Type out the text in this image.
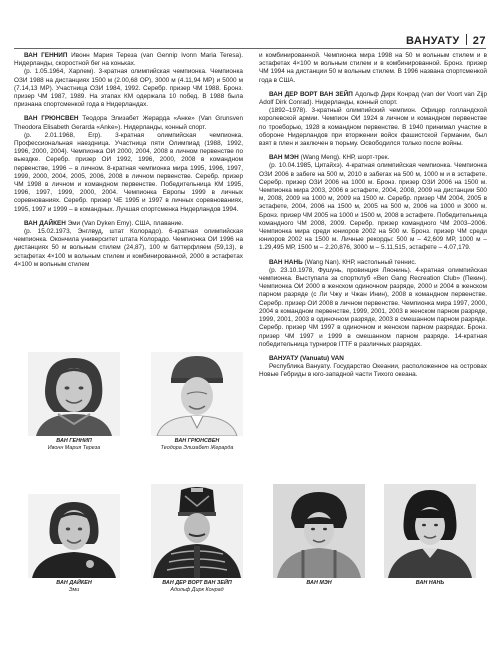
ВАНУАТУ 27

ВАН ГЕННИП Ивонн Мария Тереза (van Gennip Ivonn Maria Teresa). Нидерланды, скоростной бег на коньках.

(р. 1.05.1964, Харлем). 3-кратная олимпийская чемпионка. Чемпионка ОЗИ 1988 на дистанциях 1500 м (2.00,68 ОР), 3000 м (4.11,94 МР) и 5000 м (7.14,13 МР). Участница ОЗИ 1984, 1992. Серебр. призер ЧМ 1988. Бронз. призер ЧМ 1987, 1989. На этапах КМ одержала 10 побед. В 1988 была признана спортсменкой года в Нидерландах.

ВАН ГРЮНСВЕН Теодора Элизабет Жерардa «Анке» (Van Grunsven Theodora Elisabeth Gerarda «Anke»). Нидерланды, конный спорт.

(р. 2.01.1968, Erp). 3-кратная олимпийская чемпионка. Профессиональная наездница. Участница пяти Олимпиад (1988, 1992, 1996, 2000, 2004). Чемпионка ОИ 2000, 2004, 2008 в личном первенстве по выездке. Серебр. призер ОИ 1992, 1996, 2000, 2008 в командном первенстве, 1996 – в личном. 8-кратная чемпионка мира 1995, 1996, 1997, 1999, 2000, 2004, 2005, 2006, 2008 в личном первенстве. Серебр. призер ЧМ 1998 в личном и командном первенстве. Победительница КМ 1995, 1996, 1997, 1999, 2000, 2004. Чемпионка Европы 1999 в личных соревнованиях. Серебр. призер ЧЕ 1995 и 1997 в личных соревнованиях, 1995, 1997 и 1999 – в командных. Лучшая спортсменка Нидерландов 1994.

ВАН ДАЙКЕН Эми (Van Dyken Emy). США, плавание.

(р. 15.02.1973, Энглвуд, штат Колорадо). 6-кратная олимпийская чемпионка. Окончила университет штата Колорадо. Чемпионка ОИ 1996 на дистанциях 50 м вольным стилем (24,87), 100 м баттерфляем (59,13), в эстафетах 4×100 м вольным стилем и комбинированной, 2000 в эстафетах 4×100 м вольным стилем

и комбинированной. Чемпионка мира 1998 на 50 м вольным стилем и в эстафетах 4×100 м вольным стилем и в комбинированной. Бронз. призер ЧМ 1994 на дистанции 50 м вольным стилем. В 1996 названа спортсменкой года в США.

ВАН ДЕР ВОРТ ВАН ЗЕЙП Адольф Дирк Конрад (van der Voort van Zijp Adolf Dirk Conrad). Нидерланды, конный спорт.

(1892–1978). 3-кратный олимпийский чемпион. Офицер голландской королевской армии. Чемпион ОИ 1924 в личном и командном первенстве по троеборью, 1928 в командном первенстве. В 1940 принимал участие в обороне Нидерландов при вторжении войск фашистской Германии, был взят в плен и заключен в тюрьму. Освободился только после войны.

ВАН МЭН (Wang Meng). КНР, шорт-трек.

(р. 10.04.1985, Цитайхэ). 4-кратная олимпийская чемпионка. Чемпионка ОЗИ 2006 в забеге на 500 м, 2010 в забегах на 500 м, 1000 м и в эстафете. Серебр. призер ОЗИ 2006 на 1000 м. Бронз. призер ОЗИ 2006 на 1500 м. Чемпионка мира 2003, 2006 в эстафете, 2004, 2008, 2009 на дистанции 500 м, 2008, 2009 на 1000 м, 2009 на 1500 м. Серебр. призер ЧМ 2004, 2005 в эстафете, 2004, 2006 на 1500 м, 2005 на 500 м, 2006 на 1000 и 3000 м. Бронз. призер ЧМ 2005 на 1000 и 1500 м, 2008 в эстафете. Победительница командного ЧМ 2008, 2009. Серебр. призер командного ЧМ 2003–2006. Чемпионка мира среди юниоров 2002 на 500 м. Бронз. призер ЧМ среди юниоров 2002 на 1500 м. Личные рекорды: 500 м – 42,609 МР, 1000 м – 1.29,495 МР, 1500 м – 2.20,876, 3000 м – 5.11,515, эстафете – 4.07,179.

ВАН НАНЬ (Wang Nan). КНР, настольный теннис.

(р. 23.10.1978, Фушунь, провинция Ляонинь). 4-кратная олимпийская чемпионка. Выступала за спортклуб «Ben Gang Recreation Club» (Пекин). Чемпионка ОИ 2000 в женском одиночном разряде, 2000 и 2004 в женском парном разряде (с Ли Чжу и Чжан Инин), 2008 в командном первенстве. Серебр. призер ОИ 2008 в личном первенстве. Чемпионка мира 1997, 2000, 2004 в командном первенстве, 1999, 2001, 2003 в женском парном разряде, 1999, 2001, 2003 в одиночном разряде, 2003 в смешанном парном разряде. Серебр. призер ЧМ 1997 в одиночном и женском парном разрядах. Бронз. призер ЧМ 1997 и 1999 в смешанном парном разряде. 14-кратная победительница турниров ITTF в различных разрядах.

ВАНУАТУ (Vanuatu) VAN

Республика Вануату. Государство Океании, расположенное на островах Новые Гебриды в юго-западной части Тихого океана.

ВАН ГЕННИП
Ивонн Мария Тереза
ВАН ГРЮНСВЕН
Теодора Элизабет Жерарда
ВАН ДАЙКЕН
Эми
ВАН ДЕР ВОРТ ВАН ЗЕЙП
Адольф Дирк Конрад
ВАН МЭН	ВАН НАНЬ
